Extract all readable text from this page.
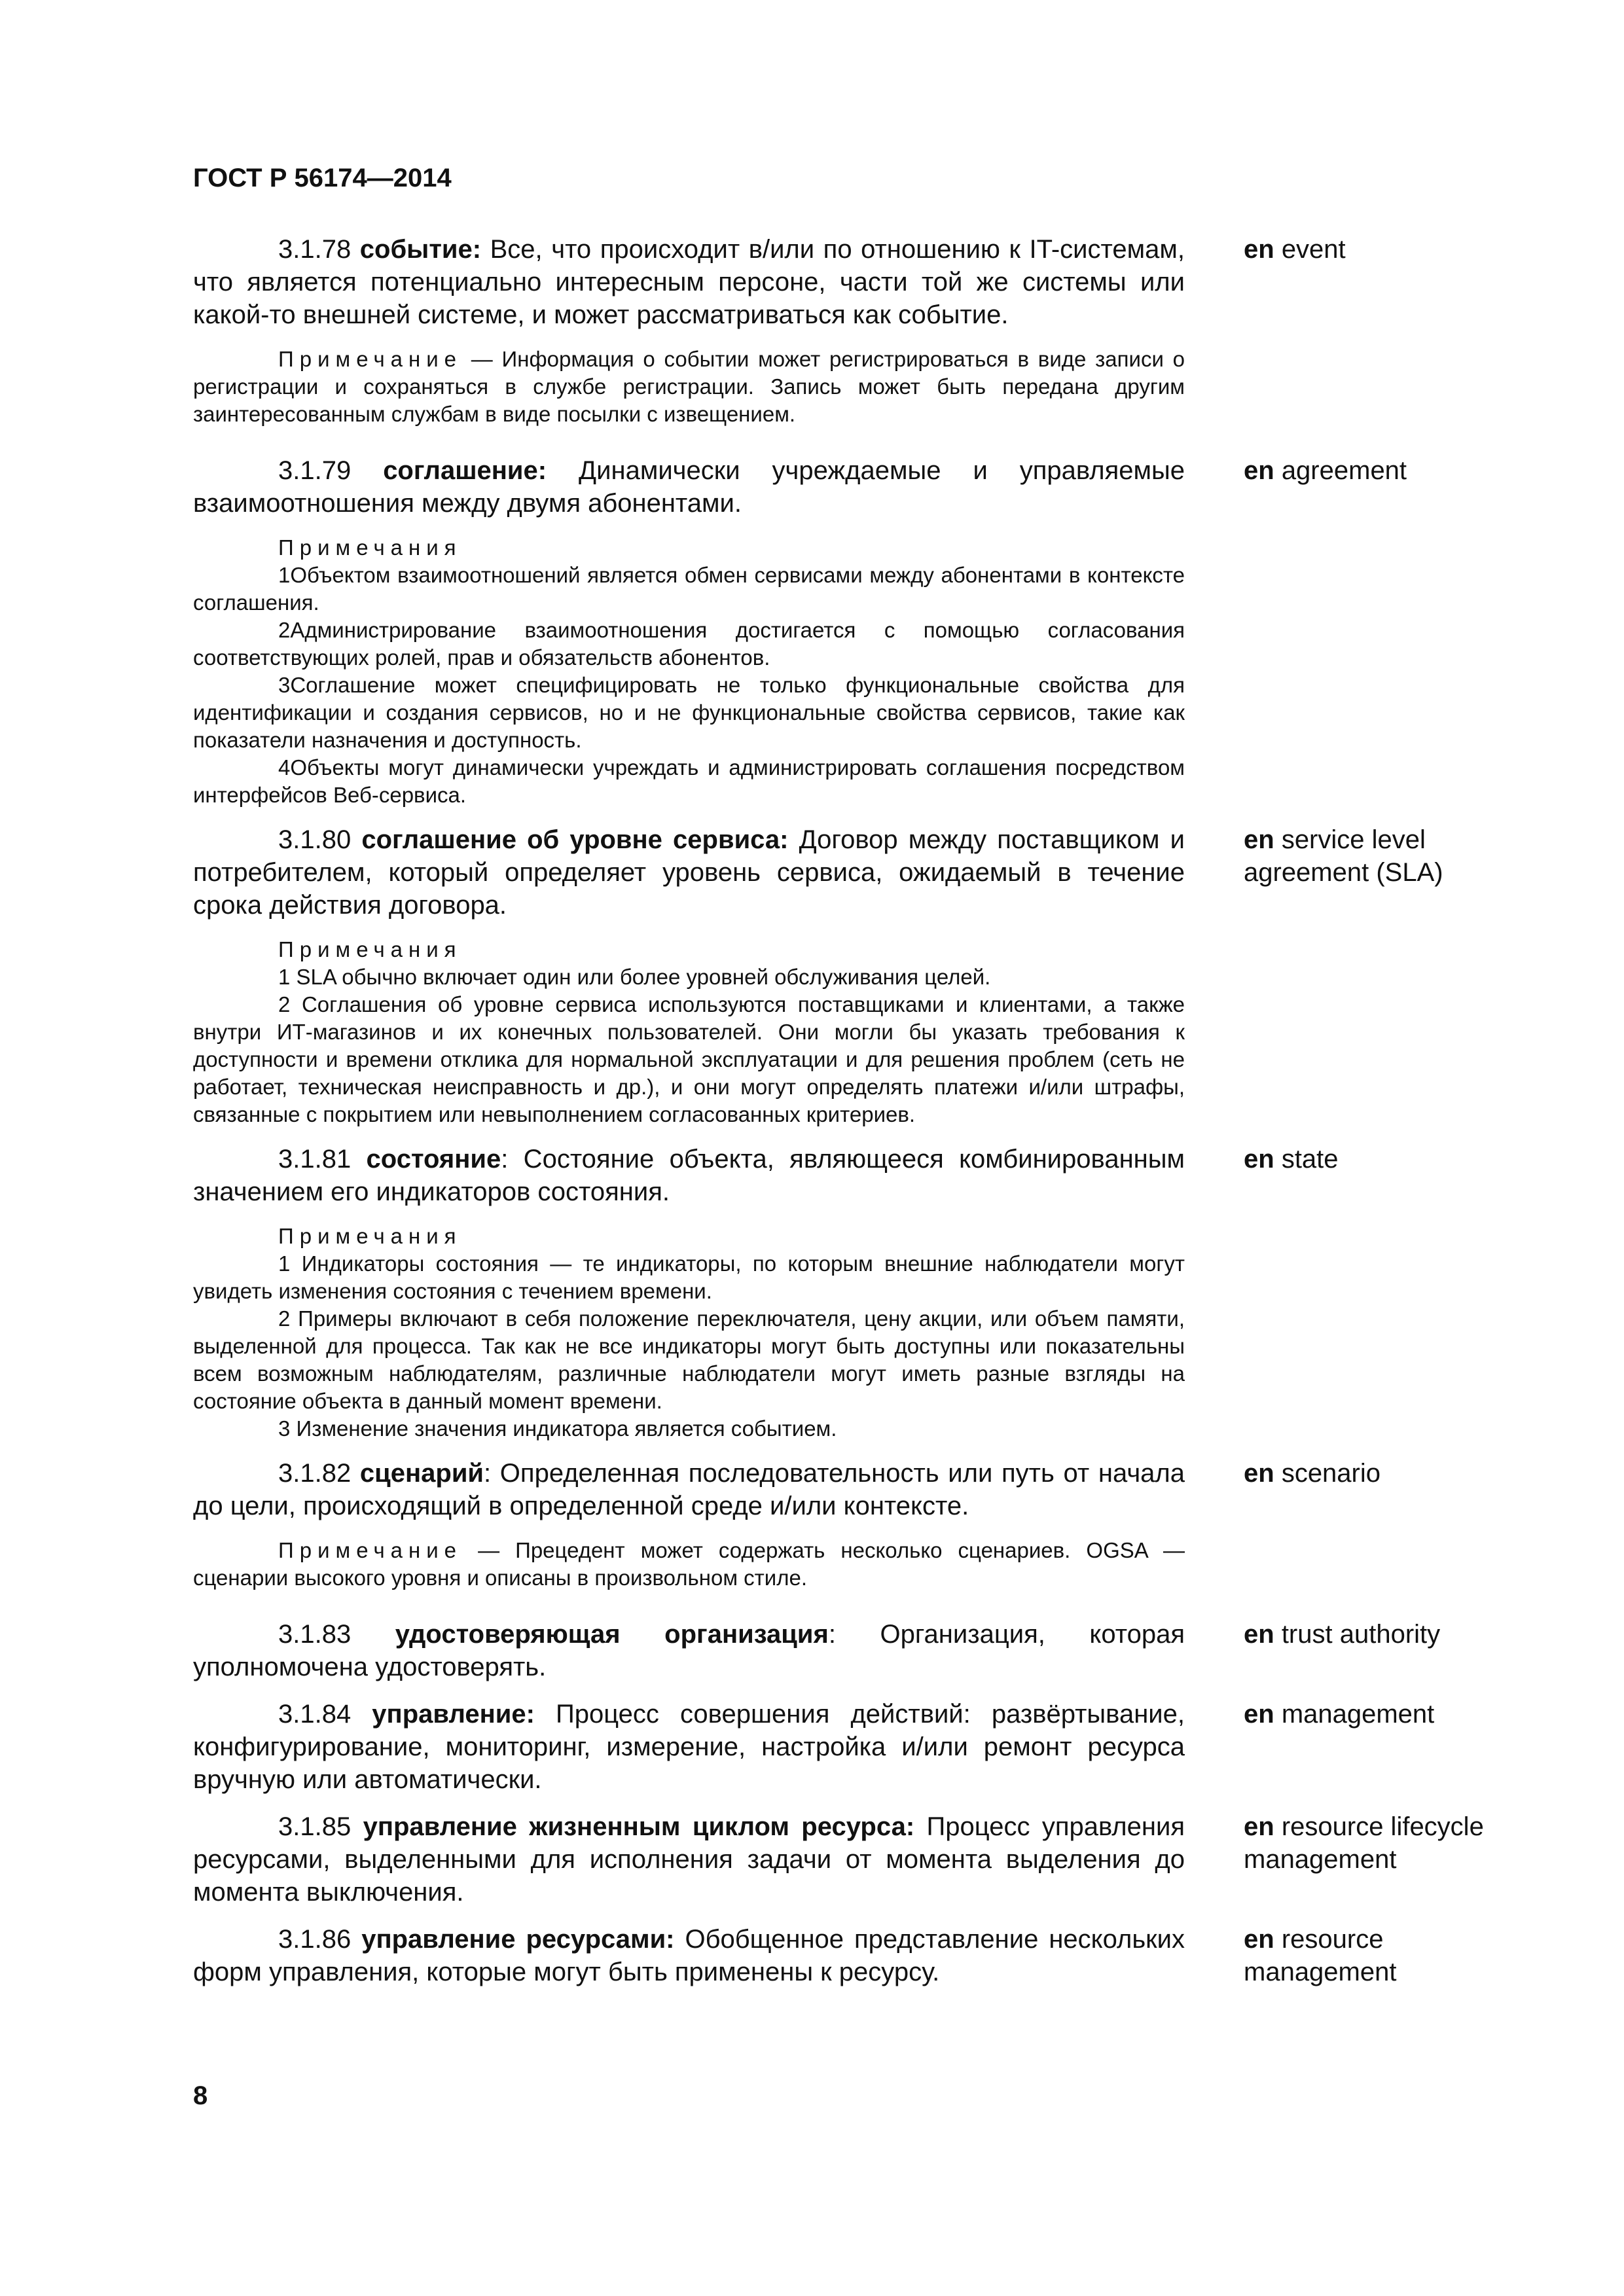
ГОСТ Р 56174—2014

3.1.78 событие: Все, что происходит в/или по отношению к IT-системам, что является потенциально интересным персоне, части той же системы или какой-то внешней системе, и может рассматриваться как событие.

Примечание — Информация о событии может регистрироваться в виде записи о регистрации и сохраняться в службе регистрации. Запись может быть передана другим заинтересованным службам в виде посылки с извещением.

en event

3.1.79 соглашение: Динамически учреждаемые и управляемые взаимоотношения между двумя абонентами.

Примечания

1Объектом взаимоотношений является обмен сервисами между абонентами в контексте соглашения.

2Администрирование взаимоотношения достигается с помощью согласования соответствующих ролей, прав и обязательств абонентов.

3Соглашение может специфицировать не только функциональные свойства для идентификации и создания сервисов, но и не функциональные свойства сервисов, такие как показатели назначения и доступность.

4Объекты могут динамически учреждать и администрировать соглашения посредством интерфейсов Веб-сервиса.

en agreement

3.1.80 соглашение об уровне сервиса: Договор между поставщиком и потребителем, который определяет уровень сервиса, ожидаемый в течение срока действия договора.

Примечания

1 SLA обычно включает один или более уровней обслуживания целей.

2 Соглашения об уровне сервиса используются поставщиками и клиентами, а также внутри ИТ-магазинов и их конечных пользователей. Они могли бы указать требования к доступности и времени отклика для нормальной эксплуатации и для решения проблем (сеть не работает, техническая неисправность и др.), и они могут определять платежи и/или штрафы, связанные с покрытием или невыполнением согласованных критериев.

en service level agreement (SLA)

3.1.81 состояние: Состояние объекта, являющееся комбинированным значением его индикаторов состояния.

Примечания

1 Индикаторы состояния — те индикаторы, по которым внешние наблюдатели могут увидеть изменения состояния с течением времени.

2 Примеры включают в себя положение переключателя, цену акции, или объем памяти, выделенной для процесса. Так как не все индикаторы могут быть доступны или показательны всем возможным наблюдателям, различные наблюдатели могут иметь разные взгляды на состояние объекта в данный момент времени.

3 Изменение значения индикатора является событием.

en state

3.1.82 сценарий: Определенная последовательность или путь от начала до цели, происходящий в определенной среде и/или контексте.

Примечание — Прецедент может содержать несколько сценариев. OGSA — сценарии высокого уровня и описаны в произвольном стиле.

en scenario

3.1.83 удостоверяющая организация: Организация, которая уполномочена удостоверять.

en trust authority

3.1.84 управление: Процесс совершения действий: развёртывание, конфигурирование, мониторинг, измерение, настройка и/или ремонт ресурса вручную или автоматически.

en management

3.1.85 управление жизненным циклом ресурса: Процесс управления ресурсами, выделенными для исполнения задачи от момента выделения до момента выключения.

en resource lifecycle management

3.1.86 управление ресурсами: Обобщенное представление нескольких форм управления, которые могут быть применены к ресурсу.

en resource management
8
